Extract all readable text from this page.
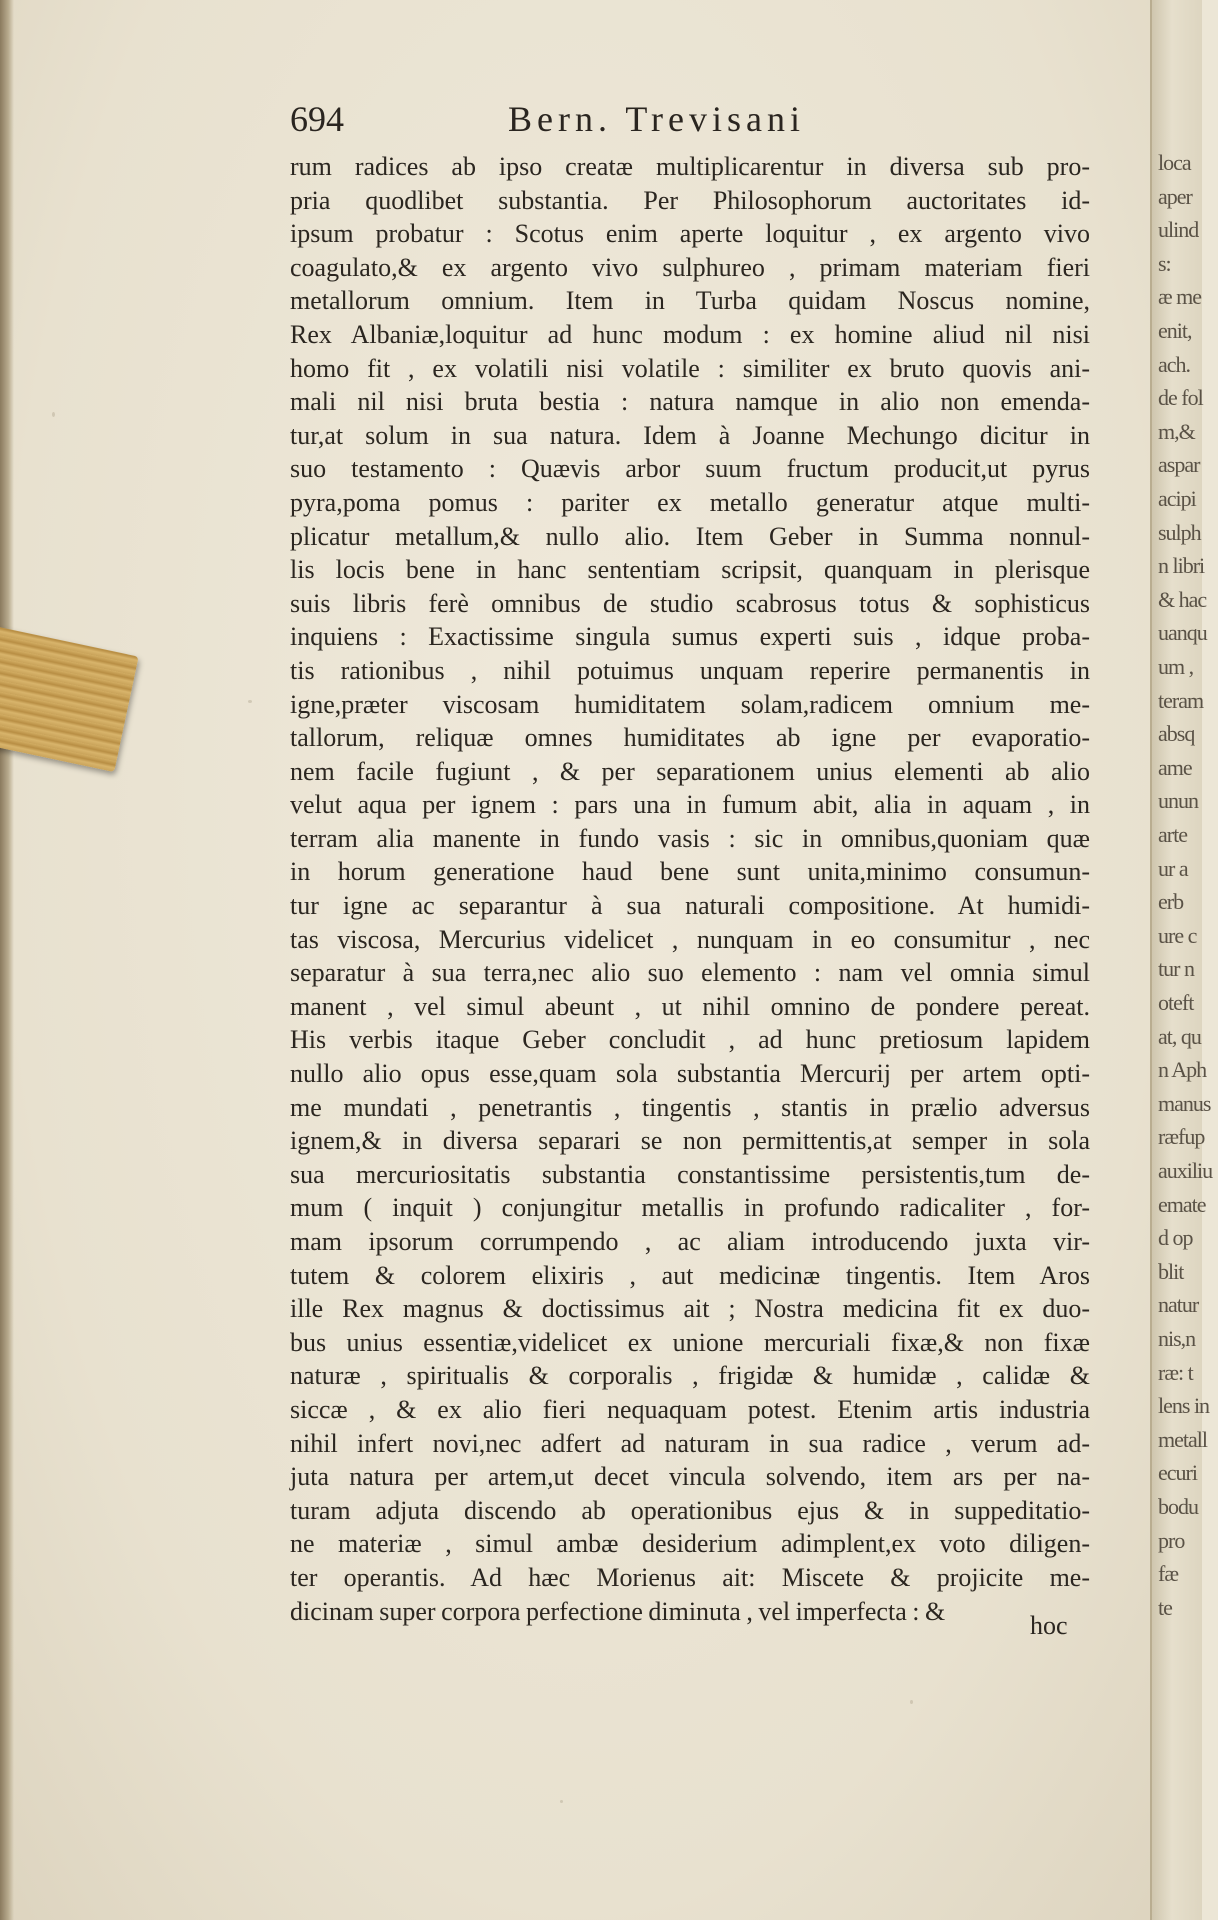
loca
aper
ulind
s:
æ me
enit,
ach.
de fol
m,&
aspar
acipi
sulph
n libri
& hac
uanqu
um ,
teram
absq
ame
unun
arte
ur a
erb
ure c
tur n
oteft
at, qu
n Aph
manus
ræfup
auxiliu
emate
d op
blit
natur
nis,n
ræ: t
lens in
metall
ecuri
bodu
pro
fæ
te
694	Bern. Trevisani
rum radices ab ipso creatæ multiplicarentur in diversa sub pro-
pria quodlibet substantia. Per Philosophorum auctoritates id-
ipsum probatur : Scotus enim aperte loquitur , ex argento vivo
coagulato,& ex argento vivo sulphureo , primam materiam fieri
metallorum omnium. Item in Turba quidam Noscus nomine,
Rex Albaniæ,loquitur ad hunc modum : ex homine aliud nil nisi
homo fit , ex volatili nisi volatile : similiter ex bruto quovis ani-
mali nil nisi bruta bestia : natura namque in alio non emenda-
tur,at solum in sua natura. Idem à Joanne Mechungo dicitur in
suo testamento : Quævis arbor suum fructum producit,ut pyrus
pyra,poma pomus : pariter ex metallo generatur atque multi-
plicatur metallum,& nullo alio. Item Geber in Summa nonnul-
lis locis bene in hanc sententiam scripsit, quanquam in plerisque
suis libris ferè omnibus de studio scabrosus totus & sophisticus
inquiens : Exactissime singula sumus experti suis , idque proba-
tis rationibus , nihil potuimus unquam reperire permanentis in
igne,præter viscosam humiditatem solam,radicem omnium me-
tallorum, reliquæ omnes humiditates ab igne per evaporatio-
nem facile fugiunt , & per separationem unius elementi ab alio
velut aqua per ignem : pars una in fumum abit, alia in aquam , in
terram alia manente in fundo vasis : sic in omnibus,quoniam quæ
in horum generatione haud bene sunt unita,minimo consumun-
tur igne ac separantur à sua naturali compositione. At humidi-
tas viscosa, Mercurius videlicet , nunquam in eo consumitur , nec
separatur à sua terra,nec alio suo elemento : nam vel omnia simul
manent , vel simul abeunt , ut nihil omnino de pondere pereat.
His verbis itaque Geber concludit , ad hunc pretiosum lapidem
nullo alio opus esse,quam sola substantia Mercurij per artem opti-
me mundati , penetrantis , tingentis , stantis in prælio adversus
ignem,& in diversa separari se non permittentis,at semper in sola
sua mercuriositatis substantia constantissime persistentis,tum de-
mum ( inquit ) conjungitur metallis in profundo radicaliter , for-
mam ipsorum corrumpendo , ac aliam introducendo juxta vir-
tutem & colorem elixiris , aut medicinæ tingentis. Item Aros
ille Rex magnus & doctissimus ait ; Nostra medicina fit ex duo-
bus unius essentiæ,videlicet ex unione mercuriali fixæ,& non fixæ
naturæ , spiritualis & corporalis , frigidæ & humidæ , calidæ &
siccæ , & ex alio fieri nequaquam potest. Etenim artis industria
nihil infert novi,nec adfert ad naturam in sua radice , verum ad-
juta natura per artem,ut decet vincula solvendo, item ars per na-
turam adjuta discendo ab operationibus ejus & in suppeditatio-
ne materiæ , simul ambæ desiderium adimplent,ex voto diligen-
ter operantis. Ad hæc Morienus ait: Miscete & projicite me-
dicinam super corpora perfectione diminuta , vel imperfecta : &	hoc
